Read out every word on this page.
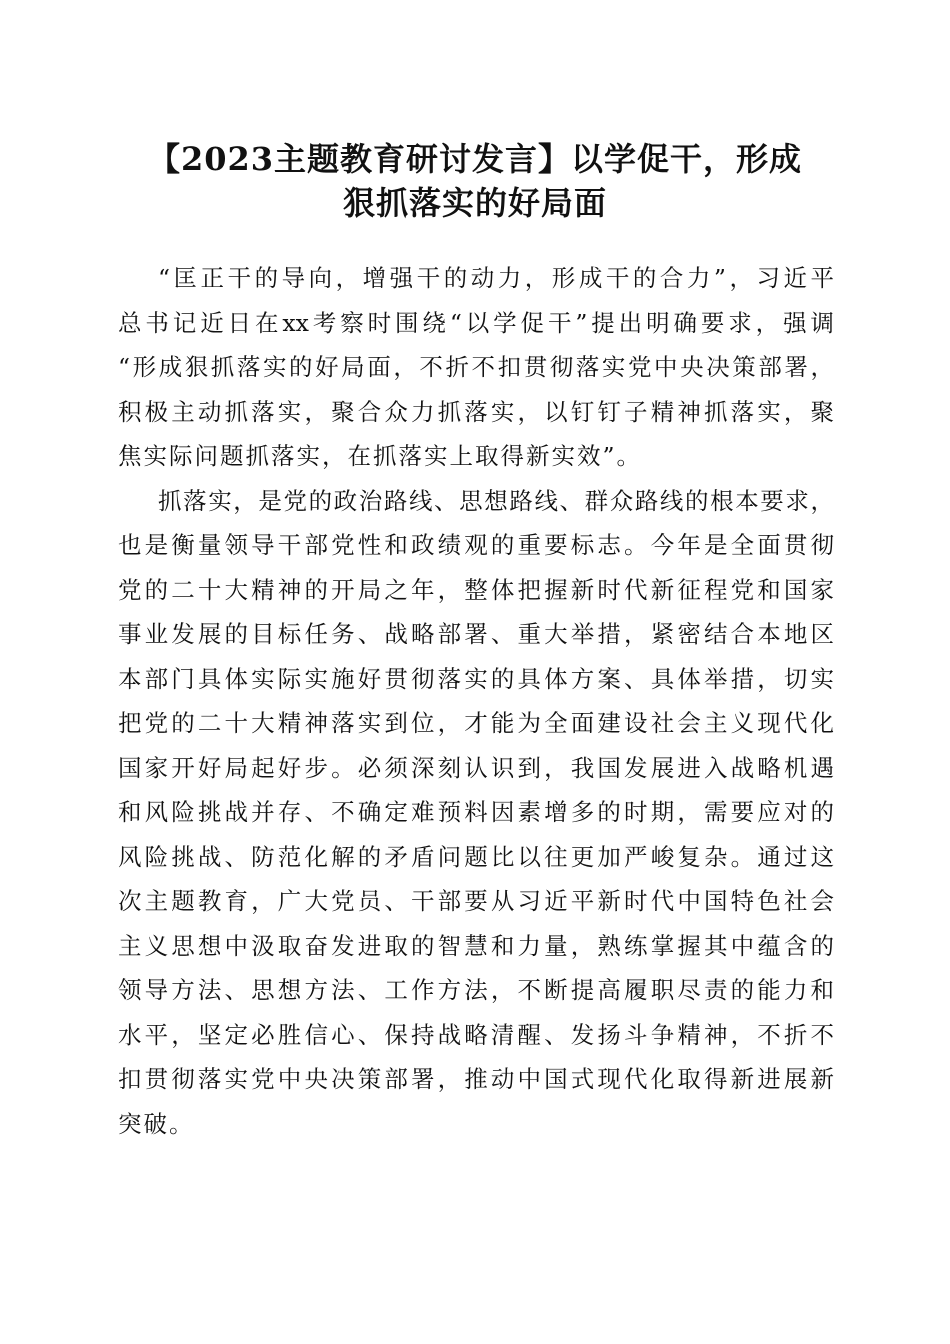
【2023主题教育研讨发言】以学促干，形成
狠抓落实的好局面
“匡正干的导向，增强干的动力，形成干的合力”，习近平
总书记近日在xx考察时围绕“以学促干”提出明确要求，强调
“形成狠抓落实的好局面，不折不扣贯彻落实党中央决策部署，
积极主动抓落实，聚合众力抓落实，以钉钉子精神抓落实，聚
焦实际问题抓落实，在抓落实上取得新实效”。
抓落实，是党的政治路线、思想路线、群众路线的根本要求，
也是衡量领导干部党性和政绩观的重要标志。今年是全面贯彻
党的二十大精神的开局之年，整体把握新时代新征程党和国家
事业发展的目标任务、战略部署、重大举措，紧密结合本地区
本部门具体实际实施好贯彻落实的具体方案、具体举措，切实
把党的二十大精神落实到位，才能为全面建设社会主义现代化
国家开好局起好步。必须深刻认识到，我国发展进入战略机遇
和风险挑战并存、不确定难预料因素增多的时期，需要应对的
风险挑战、防范化解的矛盾问题比以往更加严峻复杂。通过这
次主题教育，广大党员、干部要从习近平新时代中国特色社会
主义思想中汲取奋发进取的智慧和力量，熟练掌握其中蕴含的
领导方法、思想方法、工作方法，不断提高履职尽责的能力和
水平，坚定必胜信心、保持战略清醒、发扬斗争精神，不折不
扣贯彻落实党中央决策部署，推动中国式现代化取得新进展新
突破。
